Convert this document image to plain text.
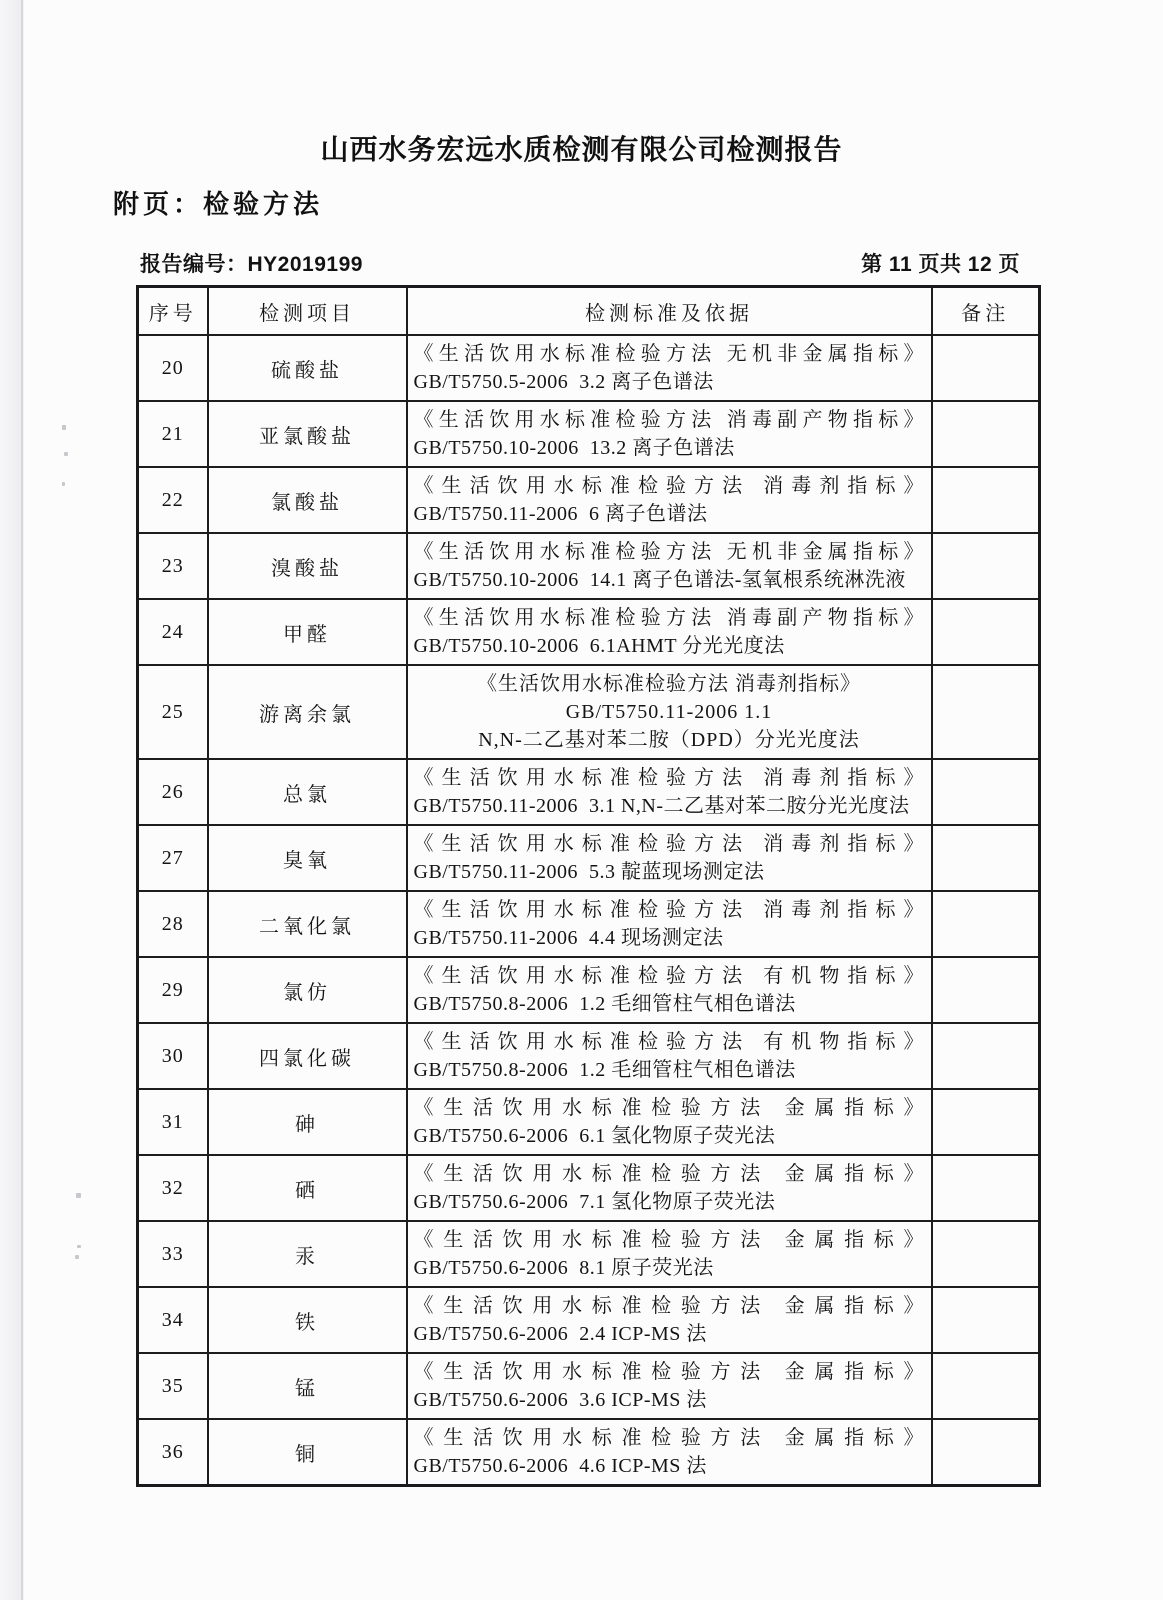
山西水务宏远水质检测有限公司检测报告
附页：检验方法
报告编号：HY2019199	第 11 页共 12 页
序号	检测项目	检测标准及依据	备注
20	硫酸盐	《生活饮用水标准检验方法 无机非金属指标》
GB/T5750.5-2006  3.2 离子色谱法	

21	亚氯酸盐	《生活饮用水标准检验方法 消毒副产物指标》
GB/T5750.10-2006  13.2 离子色谱法	

22	氯酸盐	《生活饮用水标准检验方法 消毒剂指标》
GB/T5750.11-2006  6 离子色谱法	

23	溴酸盐	《生活饮用水标准检验方法 无机非金属指标》
GB/T5750.10-2006  14.1 离子色谱法-氢氧根系统淋洗液	

24	甲醛	《生活饮用水标准检验方法 消毒副产物指标》
GB/T5750.10-2006  6.1AHMT 分光光度法	

25	游离余氯	《生活饮用水标准检验方法 消毒剂指标》
GB/T5750.11-2006 1.1
N,N-二乙基对苯二胺（DPD）分光光度法	

26	总氯	《生活饮用水标准检验方法 消毒剂指标》
GB/T5750.11-2006  3.1 N,N-二乙基对苯二胺分光光度法	

27	臭氧	《生活饮用水标准检验方法 消毒剂指标》
GB/T5750.11-2006  5.3 靛蓝现场测定法	

28	二氧化氯	《生活饮用水标准检验方法 消毒剂指标》
GB/T5750.11-2006  4.4 现场测定法	

29	氯仿	《生活饮用水标准检验方法 有机物指标》
GB/T5750.8-2006  1.2 毛细管柱气相色谱法	

30	四氯化碳	《生活饮用水标准检验方法 有机物指标》
GB/T5750.8-2006  1.2 毛细管柱气相色谱法	

31	砷	《生活饮用水标准检验方法 金属指标》
GB/T5750.6-2006  6.1 氢化物原子荧光法	

32	硒	《生活饮用水标准检验方法 金属指标》
GB/T5750.6-2006  7.1 氢化物原子荧光法	

33	汞	《生活饮用水标准检验方法 金属指标》
GB/T5750.6-2006  8.1 原子荧光法	

34	铁	《生活饮用水标准检验方法 金属指标》
GB/T5750.6-2006  2.4 ICP-MS 法	

35	锰	《生活饮用水标准检验方法 金属指标》
GB/T5750.6-2006  3.6 ICP-MS 法	

36	铜	《生活饮用水标准检验方法 金属指标》
GB/T5750.6-2006  4.6 ICP-MS 法	
